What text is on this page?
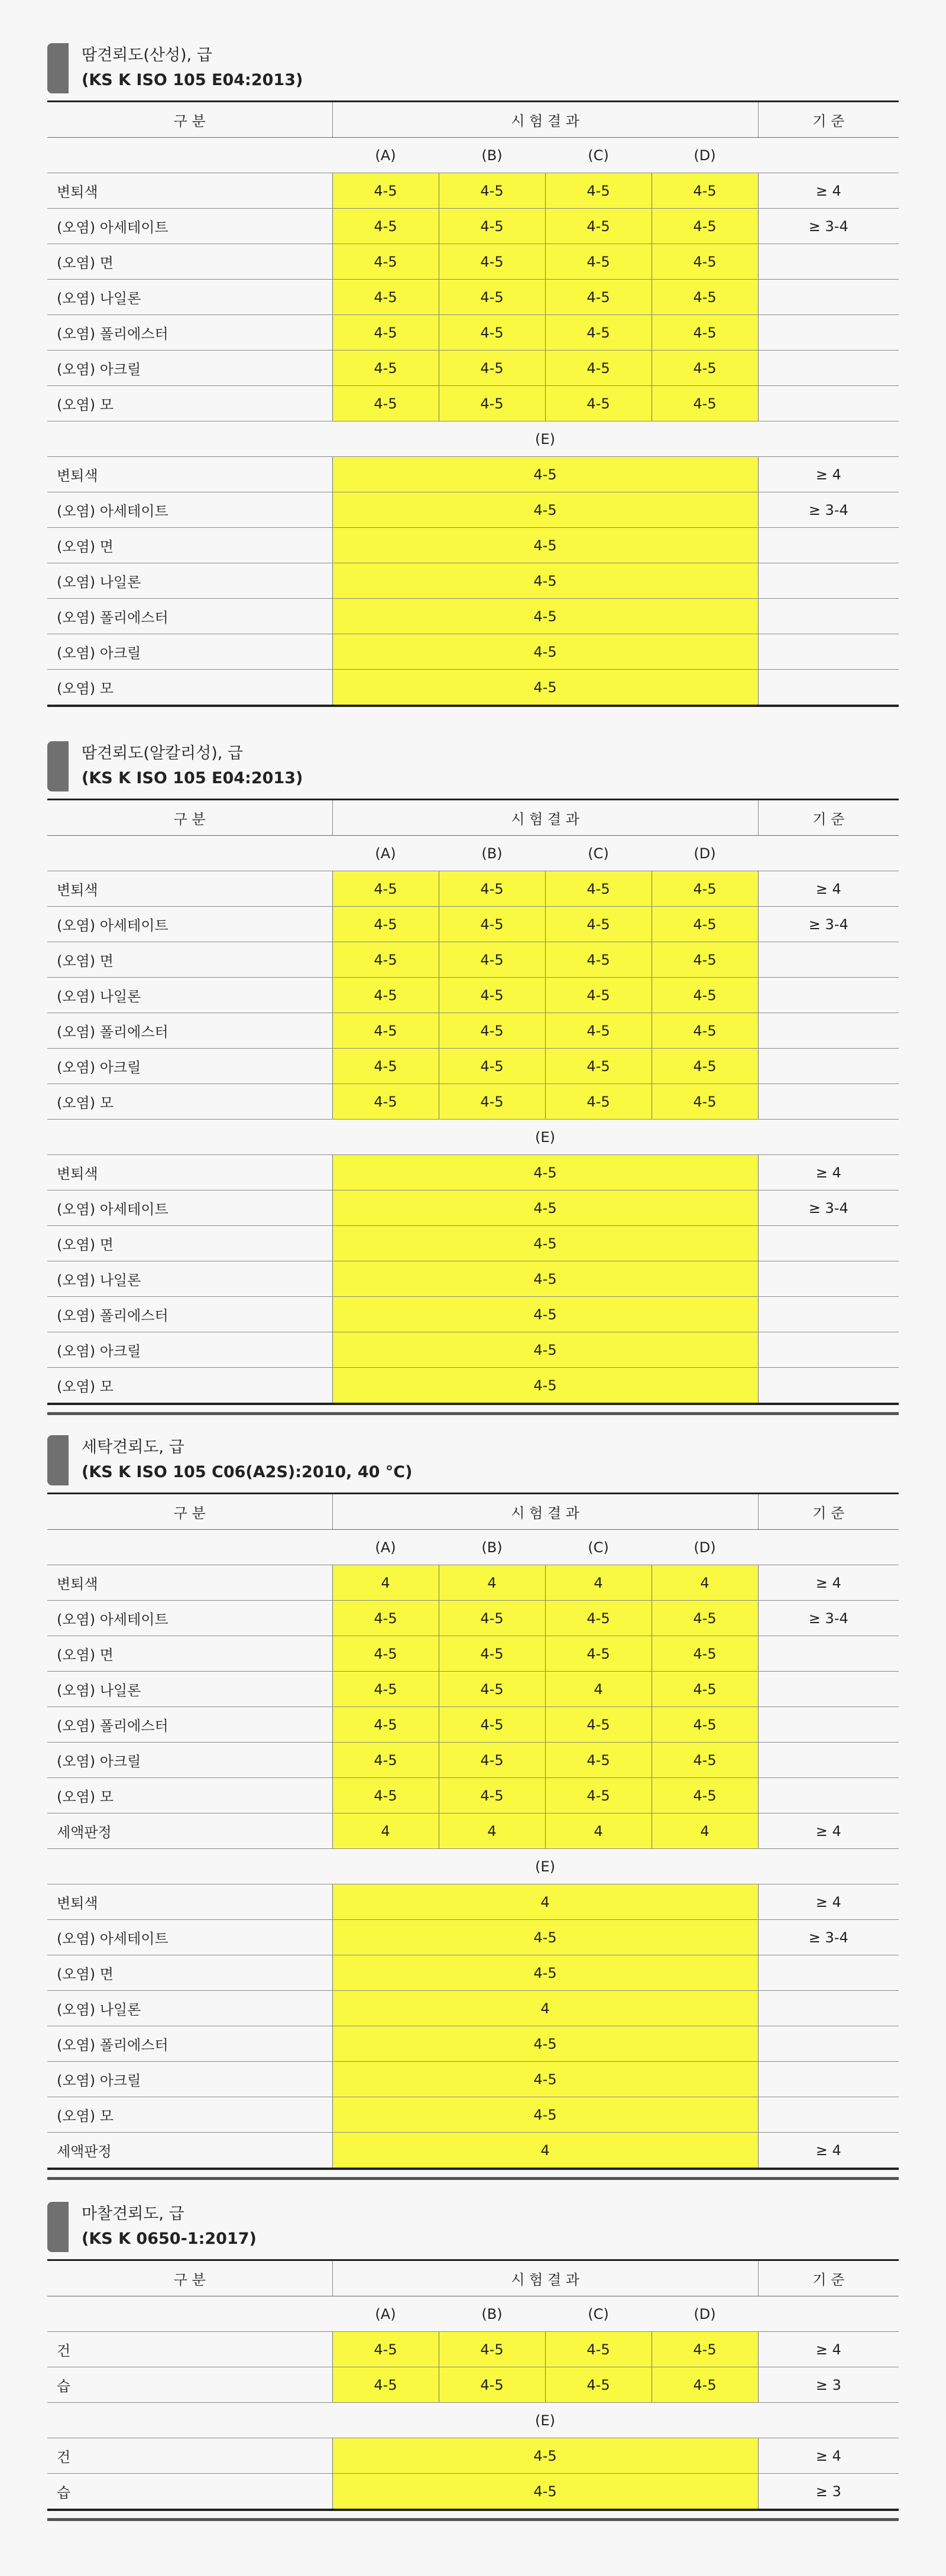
땀견뢰도(산성), 급
(KS K ISO 105 E04:2013)
구 분	시 험 결 과				기 준
	(A)	(B)	(C)	(D)	
변퇴색	4-5	4-5	4-5	4-5	≥ 4
(오염) 아세테이트	4-5	4-5	4-5	4-5	≥ 3-4
(오염) 면	4-5	4-5	4-5	4-5	
(오염) 나일론	4-5	4-5	4-5	4-5	
(오염) 폴리에스터	4-5	4-5	4-5	4-5	
(오염) 아크릴	4-5	4-5	4-5	4-5	
(오염) 모	4-5	4-5	4-5	4-5	
	(E)				
변퇴색	4-5				≥ 4
(오염) 아세테이트	4-5				≥ 3-4
(오염) 면	4-5				
(오염) 나일론	4-5				
(오염) 폴리에스터	4-5				
(오염) 아크릴	4-5				
(오염) 모	4-5				
땀견뢰도(알칼리성), 급
(KS K ISO 105 E04:2013)
구 분	시 험 결 과				기 준
	(A)	(B)	(C)	(D)	
변퇴색	4-5	4-5	4-5	4-5	≥ 4
(오염) 아세테이트	4-5	4-5	4-5	4-5	≥ 3-4
(오염) 면	4-5	4-5	4-5	4-5	
(오염) 나일론	4-5	4-5	4-5	4-5	
(오염) 폴리에스터	4-5	4-5	4-5	4-5	
(오염) 아크릴	4-5	4-5	4-5	4-5	
(오염) 모	4-5	4-5	4-5	4-5	
	(E)				
변퇴색	4-5				≥ 4
(오염) 아세테이트	4-5				≥ 3-4
(오염) 면	4-5				
(오염) 나일론	4-5				
(오염) 폴리에스터	4-5				
(오염) 아크릴	4-5				
(오염) 모	4-5				
세탁견뢰도, 급
(KS K ISO 105 C06(A2S):2010, 40 °C)
구 분	시 험 결 과				기 준
	(A)	(B)	(C)	(D)	
변퇴색	4	4	4	4	≥ 4
(오염) 아세테이트	4-5	4-5	4-5	4-5	≥ 3-4
(오염) 면	4-5	4-5	4-5	4-5	
(오염) 나일론	4-5	4-5	4	4-5	
(오염) 폴리에스터	4-5	4-5	4-5	4-5	
(오염) 아크릴	4-5	4-5	4-5	4-5	
(오염) 모	4-5	4-5	4-5	4-5	
세액판정	4	4	4	4	≥ 4
	(E)				
변퇴색	4				≥ 4
(오염) 아세테이트	4-5				≥ 3-4
(오염) 면	4-5				
(오염) 나일론	4				
(오염) 폴리에스터	4-5				
(오염) 아크릴	4-5				
(오염) 모	4-5				
세액판정	4				≥ 4
마찰견뢰도, 급
(KS K 0650-1:2017)
구 분	시 험 결 과				기 준
	(A)	(B)	(C)	(D)	
건	4-5	4-5	4-5	4-5	≥ 4
습	4-5	4-5	4-5	4-5	≥ 3
	(E)				
건	4-5				≥ 4
습	4-5				≥ 3
